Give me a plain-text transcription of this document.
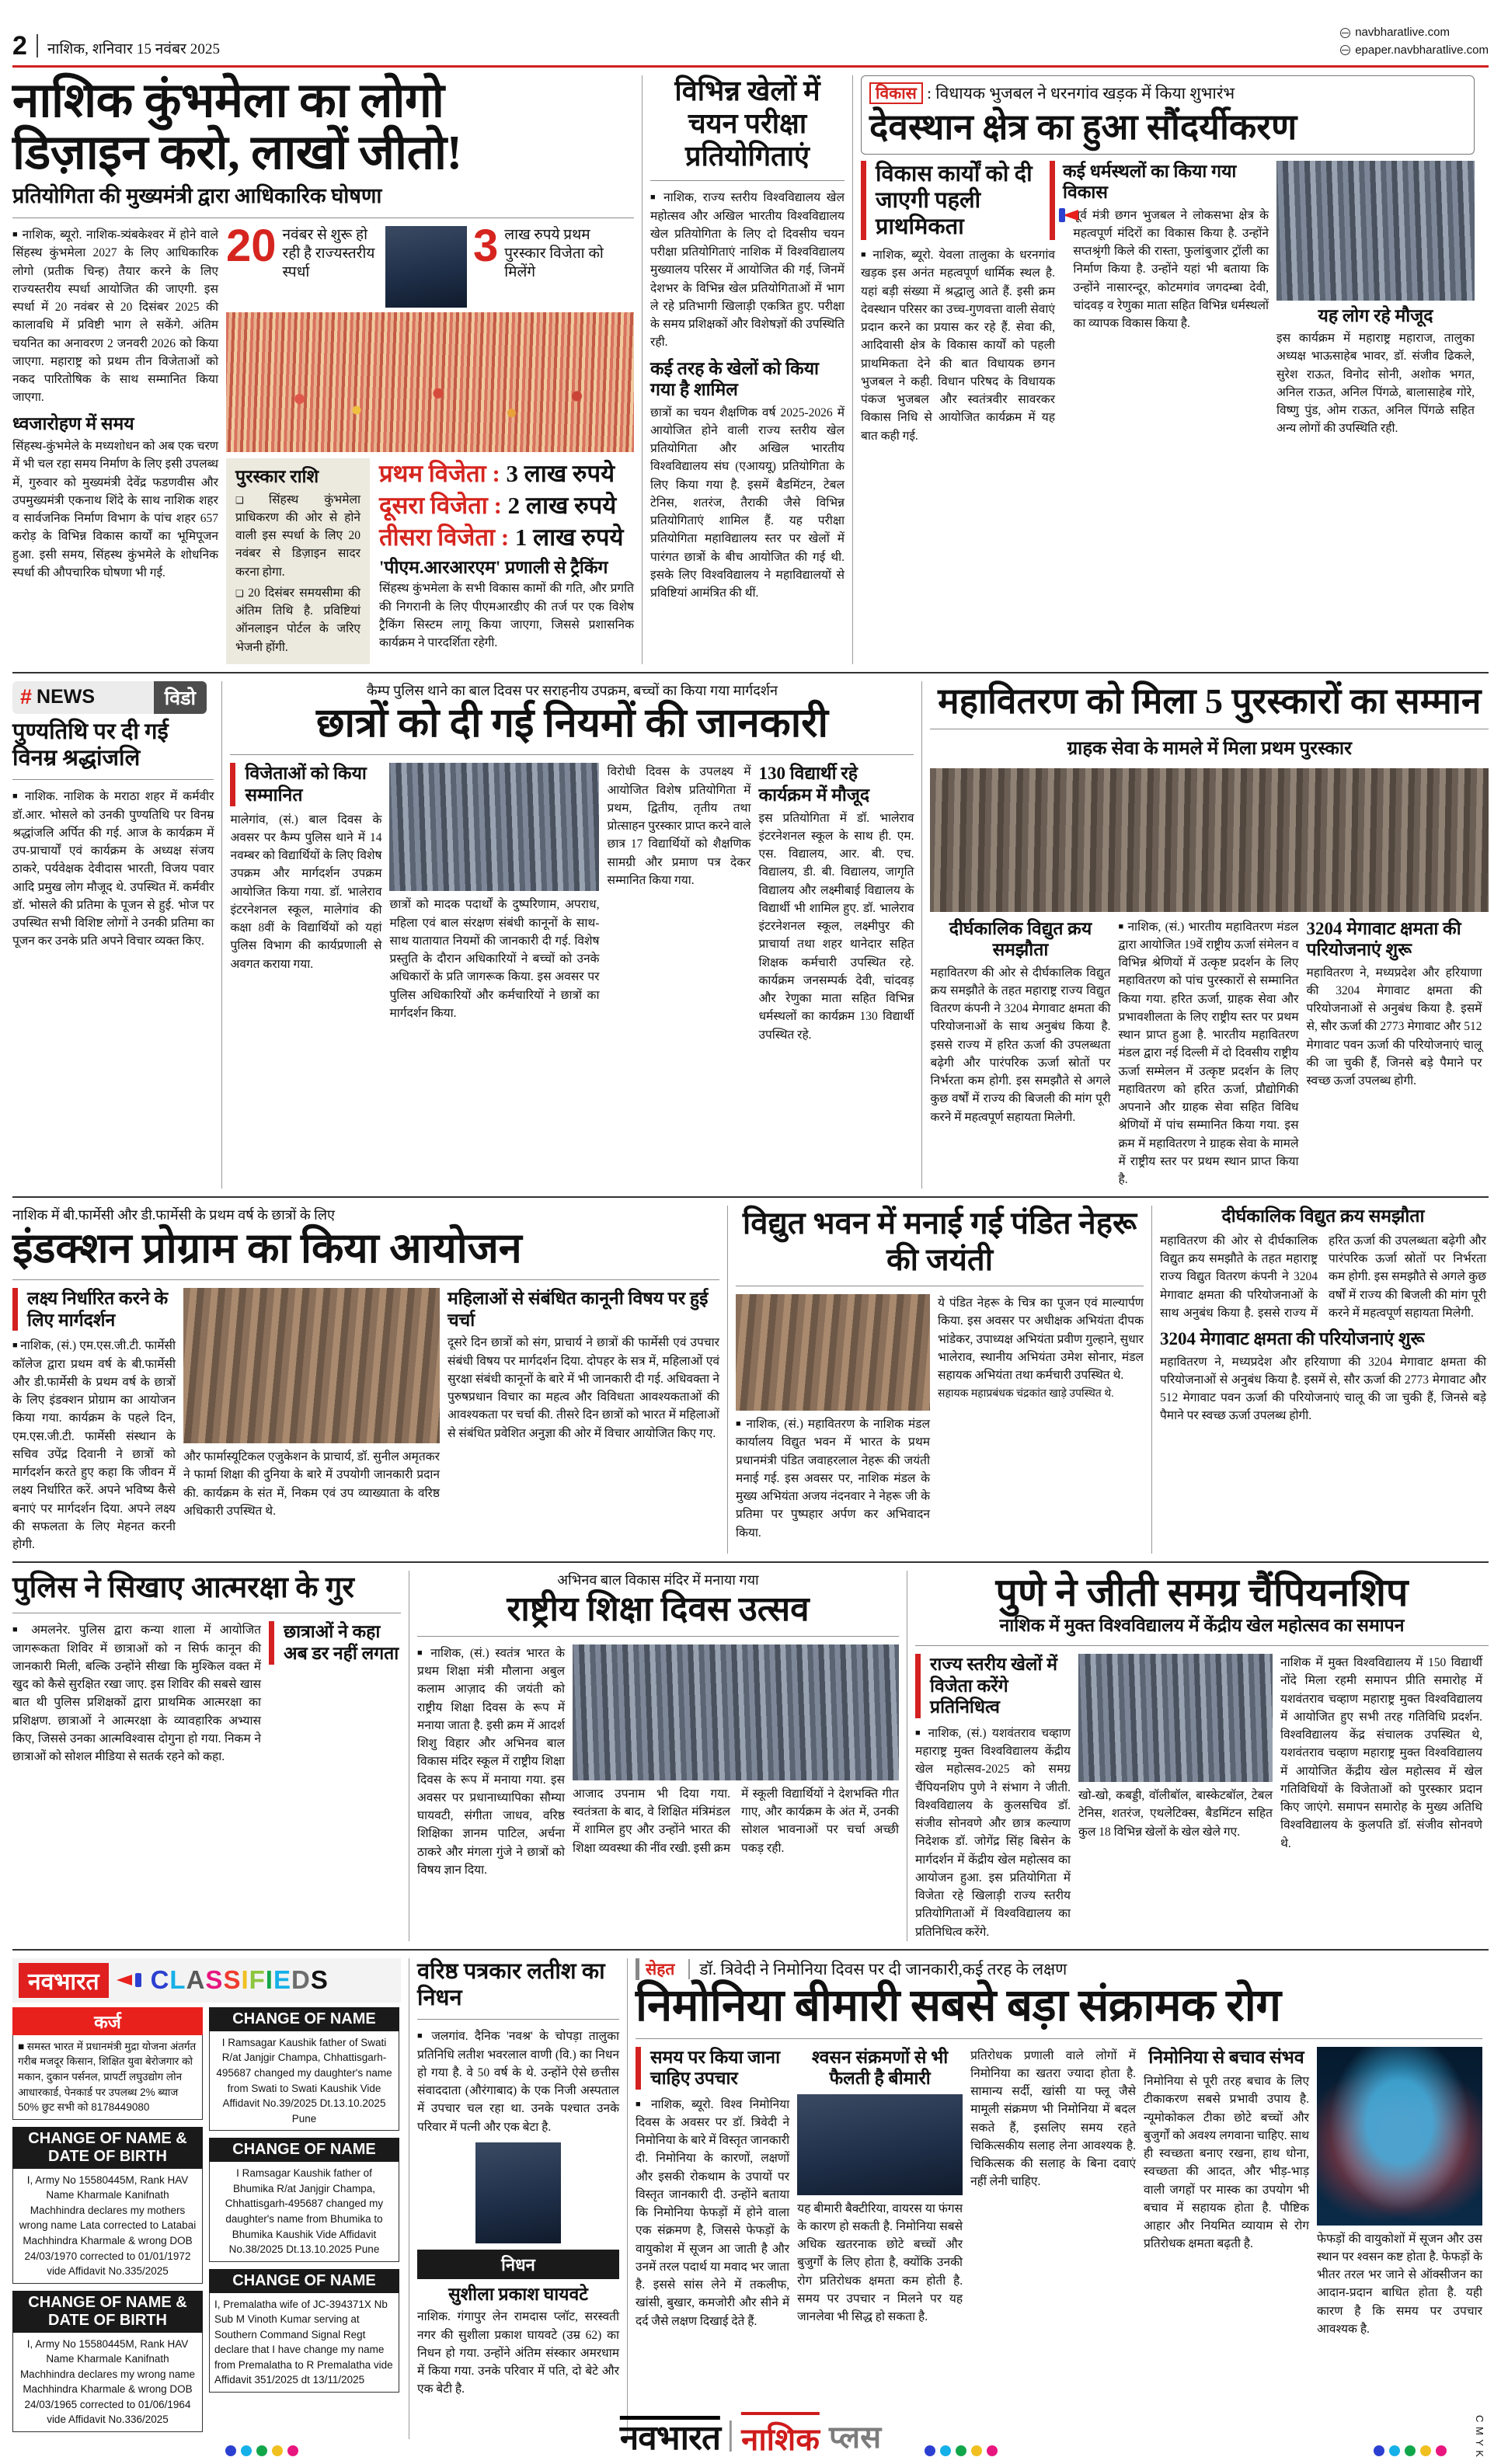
2 नाशिक, शनिवार 15 नवंबर 2025
नवभारत नाशिक प्लस
navbharatlive.com
epaper.navbharatlive.com
नाशिक कुंभमेला का लोगो
डिज़ाइन करो, लाखों जीतो!
प्रतियोगिता की मुख्यमंत्री द्वारा आधिकारिक घोषणा
■ नाशिक, ब्यूरो. नाशिक-त्र्यंबकेश्वर में होने वाले सिंहस्थ कुंभमेला 2027 के लिए आधिकारिक लोगो (प्रतीक चिन्ह) तैयार करने के लिए राज्यस्तरीय स्पर्धा आयोजित की जाएगी. इस स्पर्धा में 20 नवंबर से 20 दिसंबर 2025 की कालावधि में प्रविष्टी भाग ले सकेंगे. अंतिम चयनित का अनावरण 2 जनवरी 2026 को किया जाएगा. महाराष्ट्र को प्रथम तीन विजेताओं को नकद पारितोषिक के साथ सम्मानित किया जाएगा.
ध्वजारोहण में समय
सिंहस्थ-कुंभमेले के मध्यशोधन को अब एक चरण में भी चल रहा समय निर्माण के लिए इसी उपलब्ध में, गुरुवार को मुख्यमंत्री देवेंद्र फडणवीस और उपमुख्यमंत्री एकनाथ शिंदे के साथ नाशिक शहर व सार्वजनिक निर्माण विभाग के पांच शहर 657 करोड़ के विभिन्न विकास कार्यों का भूमिपूजन हुआ. इसी समय, सिंहस्थ कुंभमेले के शोधनिक स्पर्धा की औपचारिक घोषणा भी गई.
20 नवंबर से शुरू हो रही है राज्यस्तरीय स्पर्धा
3 लाख रुपये प्रथम पुरस्कार विजेता को मिलेंगे
पुरस्कार राशि
❑ सिंहस्थ कुंभमेला प्राधिकरण की ओर से होने वाली इस स्पर्धा के लिए 20 नवंबर से डिज़ाइन सादर करना होगा.
❑ 20 दिसंबर समयसीमा की अंतिम तिथि है. प्रविष्टियां ऑनलाइन पोर्टल के जरिए भेजनी होंगी.
प्रथम विजेता : 3 लाख रुपये
दूसरा विजेता : 2 लाख रुपये
तीसरा विजेता : 1 लाख रुपये
'पीएम.आरआरएम' प्रणाली से ट्रैकिंग
सिंहस्थ कुंभमेला के सभी विकास कामों की गति, और प्रगति की निगरानी के लिए पीएमआरडीए की तर्ज पर एक विशेष ट्रैकिंग सिस्टम लागू किया जाएगा, जिससे प्रशासनिक कार्यक्रम ने पारदर्शिता रहेगी.
विभिन्न खेलों में चयन परीक्षा प्रतियोगिताएं
■ नाशिक, राज्य स्तरीय विश्वविद्यालय खेल महोत्सव और अखिल भारतीय विश्वविद्यालय खेल प्रतियोगिता के लिए दो दिवसीय चयन परीक्षा प्रतियोगिताएं नाशिक में विश्वविद्यालय मुख्यालय परिसर में आयोजित की गई, जिनमें देशभर के विभिन्न खेल प्रतियोगिताओं में भाग ले रहे प्रतिभागी खिलाड़ी एकत्रित हुए. परीक्षा के समय प्रशिक्षकों और विशेषज्ञों की उपस्थिति रही.
कई तरह के खेलों को किया गया है शामिल
छात्रों का चयन शैक्षणिक वर्ष 2025-2026 में आयोजित होने वाली राज्य स्तरीय खेल प्रतियोगिता और अखिल भारतीय विश्वविद्यालय संघ (एआययू) प्रतियोगिता के लिए किया गया है. इसमें बैडमिंटन, टेबल टेनिस, शतरंज, तैराकी जैसे विभिन्न प्रतियोगिताएं शामिल हैं. यह परीक्षा प्रतियोगिता महाविद्यालय स्तर पर खेलों में पारंगत छात्रों के बीच आयोजित की गई थी. इसके लिए विश्वविद्यालय ने महाविद्यालयों से प्रविष्टियां आमंत्रित की थीं.
विकास : विधायक भुजबल ने धरनगांव खड़क में किया शुभारंभ
देवस्थान क्षेत्र का हुआ सौंदर्यीकरण
विकास कार्यों को दी जाएगी पहली प्राथमिकता
■ नाशिक, ब्यूरो. येवला तालुका के धरनगांव खड़क इस अनंत महत्वपूर्ण धार्मिक स्थल है. यहां बड़ी संख्या में श्रद्धालु आते हैं. इसी क्रम देवस्थान परिसर का उच्च-गुणवत्ता वाली सेवाएं प्रदान करने का प्रयास कर रहे हैं. सेवा की, आदिवासी क्षेत्र के विकास कार्यों को पहली प्राथमिकता देने की बात विधायक छगन भुजबल ने कही. विधान परिषद के विधायक पंकज भुजबल और स्वतंत्रवीर सावरकर विकास निधि से आयोजित कार्यक्रम में यह बात कही गई.
कई धर्मस्थलों का किया गया विकास
पूर्व मंत्री छगन भुजबल ने लोकसभा क्षेत्र के महत्वपूर्ण मंदिरों का विकास किया है. उन्होंने सप्तश्रृंगी किले की रास्ता, फुलांबुजार ट्रॉली का निर्माण किया है. उन्होंने यहां भी बताया कि उन्होंने नासारन्दूर, कोटमगांव जगदम्बा देवी, चांदवड़ व रेणुका माता सहित विभिन्न धर्मस्थलों का व्यापक विकास किया है.	यह लोग रहे मौजूद
इस कार्यक्रम में महाराष्ट्र महाराज, तालुका अध्यक्ष भाऊसाहेब भावर, डॉ. संजीव ढिकले, सुरेश राऊत, विनोद सोनी, अशोक भगत, अनिल राऊत, अनिल पिंगळे, बालासाहेब गोरे, विष्णु पुंड, ओम राऊत, अनिल पिंगळे सहित अन्य लोगों की उपस्थिति रही.
# NEWS	विडो
पुण्यतिथि पर दी गई विनम्र श्रद्धांजलि
■ नाशिक. नाशिक के मराठा शहर में कर्मवीर डॉ.आर. भोसले को उनकी पुण्यतिथि पर विनम्र श्रद्धांजलि अर्पित की गई. आज के कार्यक्रम में उप-प्राचार्यों एवं कार्यक्रम के अध्यक्ष संजय ठाकरे, पर्यवेक्षक देवीदास भारती, विजय पवार आदि प्रमुख लोग मौजूद थे. उपस्थित में. कर्मवीर डॉ. भोसले की प्रतिमा के पूजन से हुई. भोज पर उपस्थित सभी विशिष्ट लोगों ने उनकी प्रतिमा का पूजन कर उनके प्रति अपने विचार व्यक्त किए.
कैम्प पुलिस थाने का बाल दिवस पर सराहनीय उपक्रम, बच्चों का किया गया मार्गदर्शन
छात्रों को दी गई नियमों की जानकारी
विजेताओं को किया सम्मानित
मालेगांव, (सं.) बाल दिवस के अवसर पर कैम्प पुलिस थाने में 14 नवम्बर को विद्यार्थियों के लिए विशेष उपक्रम और मार्गदर्शन उपक्रम आयोजित किया गया. डॉ. भालेराव इंटरनेशनल स्कूल, मालेगांव की कक्षा 8वीं के विद्यार्थियों को यहां पुलिस विभाग की कार्यप्रणाली से अवगत कराया गया.
छात्रों को मादक पदार्थों के दुष्परिणाम, अपराध, महिला एवं बाल संरक्षण संबंधी कानूनों के साथ-साथ यातायात नियमों की जानकारी दी गई. विशेष प्रस्तुति के दौरान अधिकारियों ने बच्चों को उनके अधिकारों के प्रति जागरूक किया. इस अवसर पर पुलिस अधिकारियों और कर्मचारियों ने छात्रों का मार्गदर्शन किया.
विरोधी दिवस के उपलक्ष्य में आयोजित विशेष प्रतियोगिता में प्रथम, द्वितीय, तृतीय तथा प्रोत्साहन पुरस्कार प्राप्त करने वाले छात्र 17 विद्यार्थियों को शैक्षणिक सामग्री और प्रमाण पत्र देकर सम्मानित किया गया.
130 विद्यार्थी रहे कार्यक्रम में मौजूद
इस प्रतियोगिता में डॉ. भालेराव इंटरनेशनल स्कूल के साथ ही. एम. एस. विद्यालय, आर. बी. एच. विद्यालय, डी. बी. विद्यालय, जागृति विद्यालय और लक्ष्मीबाई विद्यालय के विद्यार्थी भी शामिल हुए. डॉ. भालेराव इंटरनेशनल स्कूल, लक्ष्मीपुर की प्राचार्या तथा शहर थानेदार सहित शिक्षक कर्मचारी उपस्थित रहे. कार्यक्रम जनसम्पर्क देवी, चांदवड़ और रेणुका माता सहित विभिन्न धर्मस्थलों का कार्यक्रम 130 विद्यार्थी उपस्थित रहे.
महावितरण को मिला 5 पुरस्कारों का सम्मान
ग्राहक सेवा के मामले में मिला प्रथम पुरस्कार
दीर्घकालिक विद्युत क्रय समझौता
महावितरण की ओर से दीर्घकालिक विद्युत क्रय समझौते के तहत महाराष्ट्र राज्य विद्युत वितरण कंपनी ने 3204 मेगावाट क्षमता की परियोजनाओं के साथ अनुबंध किया है. इससे राज्य में हरित ऊर्जा की उपलब्धता बढ़ेगी और पारंपरिक ऊर्जा स्रोतों पर निर्भरता कम होगी. इस समझौते से अगले कुछ वर्षों में राज्य की बिजली की मांग पूरी करने में महत्वपूर्ण सहायता मिलेगी.
■ नाशिक, (सं.) भारतीय महावितरण मंडल द्वारा आयोजित 19वें राष्ट्रीय ऊर्जा संमेलन व विभिन्न श्रेणियों में उत्कृष्ट प्रदर्शन के लिए महावितरण को पांच पुरस्कारों से सम्मानित किया गया. हरित ऊर्जा, ग्राहक सेवा और प्रभावशीलता के लिए राष्ट्रीय स्तर पर प्रथम स्थान प्राप्त हुआ है. भारतीय महावितरण मंडल द्वारा नई दिल्ली में दो दिवसीय राष्ट्रीय ऊर्जा सम्मेलन में उत्कृष्ट प्रदर्शन के लिए महावितरण को हरित ऊर्जा, प्रौद्योगिकी अपनाने और ग्राहक सेवा सहित विविध श्रेणियों में पांच सम्मानित किया गया. इस क्रम में महावितरण ने ग्राहक सेवा के मामले में राष्ट्रीय स्तर पर प्रथम स्थान प्राप्त किया है.
3204 मेगावाट क्षमता की परियोजनाएं शुरू
महावितरण ने, मध्यप्रदेश और हरियाणा की 3204 मेगावाट क्षमता की परियोजनाओं से अनुबंध किया है. इसमें से, सौर ऊर्जा की 2773 मेगावाट और 512 मेगावाट पवन ऊर्जा की परियोजनाएं चालू की जा चुकी हैं, जिनसे बड़े पैमाने पर स्वच्छ ऊर्जा उपलब्ध होगी.
नाशिक में बी.फार्मेसी और डी.फार्मेसी के प्रथम वर्ष के छात्रों के लिए
इंडक्शन प्रोग्राम का किया आयोजन
लक्ष्य निर्धारित करने के लिए मार्गदर्शन
■ नाशिक, (सं.) एम.एस.जी.टी. फार्मेसी कॉलेज द्वारा प्रथम वर्ष के बी.फार्मेसी और डी.फार्मेसी के प्रथम वर्ष के छात्रों के लिए इंडक्शन प्रोग्राम का आयोजन किया गया. कार्यक्रम के पहले दिन, एम.एस.जी.टी. फार्मेसी संस्थान के सचिव उपेंद्र दिवानी ने छात्रों को मार्गदर्शन करते हुए कहा कि जीवन में लक्ष्य निर्धारित करें. अपने भविष्य कैसे बनाएं पर मार्गदर्शन दिया. अपने लक्ष्य की सफलता के लिए मेहनत करनी होगी.
और फार्मास्यूटिकल एजुकेशन के प्राचार्य, डॉ. सुनील अमृतकर ने फार्मा शिक्षा की दुनिया के बारे में उपयोगी जानकारी प्रदान की. कार्यक्रम के संत में, निकम एवं उप व्याख्याता के वरिष्ठ अधिकारी उपस्थित थे.
महिलाओं से संबंधित कानूनी विषय पर हुई चर्चा
दूसरे दिन छात्रों को संग, प्राचार्य ने छात्रों की फार्मेसी एवं उपचार संबंधी विषय पर मार्गदर्शन दिया. दोपहर के सत्र में, महिलाओं एवं सुरक्षा संबंधी कानूनों के बारे में भी जानकारी दी गई. अधिवक्ता ने पुरुषप्रधान विचार का महत्व और विविधता आवश्यकताओं की आवश्यकता पर चर्चा की. तीसरे दिन छात्रों को भारत में महिलाओं से संबंधित प्रवेशित अनुज्ञा की ओर में विचार आयोजित किए गए.
विद्युत भवन में मनाई गई पंडित नेहरू की जयंती
■ नाशिक, (सं.) महावितरण के नाशिक मंडल कार्यालय विद्युत भवन में भारत के प्रथम प्रधानमंत्री पंडित जवाहरलाल नेहरू की जयंती मनाई गई. इस अवसर पर, नाशिक मंडल के मुख्य अभियंता अजय नंदनवार ने नेहरू जी के प्रतिमा पर पुष्पहार अर्पण कर अभिवादन किया.
ये पंडित नेहरू के चित्र का पूजन एवं माल्यार्पण किया. इस अवसर पर अधीक्षक अभियंता दीपक भांडेकर, उपाध्यक्ष अभियंता प्रवीण गुल्हाने, सुधार भालेराव, स्थानीय अभियंता उमेश सोनार, मंडल सहायक अभियंता तथा कर्मचारी उपस्थित थे.
सहायक महाप्रबंधक चंद्रकांत खाड़े उपस्थित थे.
दीर्घकालिक विद्युत क्रय समझौता
महावितरण की ओर से दीर्घकालिक विद्युत क्रय समझौते के तहत महाराष्ट्र राज्य विद्युत वितरण कंपनी ने 3204 मेगावाट क्षमता की परियोजनाओं के साथ अनुबंध किया है. इससे राज्य में हरित ऊर्जा की उपलब्धता बढ़ेगी और पारंपरिक ऊर्जा स्रोतों पर निर्भरता कम होगी. इस समझौते से अगले कुछ वर्षों में राज्य की बिजली की मांग पूरी करने में महत्वपूर्ण सहायता मिलेगी.
3204 मेगावाट क्षमता की परियोजनाएं शुरू
महावितरण ने, मध्यप्रदेश और हरियाणा की 3204 मेगावाट क्षमता की परियोजनाओं से अनुबंध किया है. इसमें से, सौर ऊर्जा की 2773 मेगावाट और 512 मेगावाट पवन ऊर्जा की परियोजनाएं चालू की जा चुकी हैं, जिनसे बड़े पैमाने पर स्वच्छ ऊर्जा उपलब्ध होगी.
पुलिस ने सिखाए आत्मरक्षा के गुर
■ अमलनेर. पुलिस द्वारा कन्या शाला में आयोजित जागरूकता शिविर में छात्राओं को न सिर्फ कानून की जानकारी मिली, बल्कि उन्होंने सीखा कि मुश्किल वक्त में खुद को कैसे सुरक्षित रखा जाए. इस शिविर की सबसे खास बात थी पुलिस प्रशिक्षकों द्वारा प्राथमिक आत्मरक्षा का प्रशिक्षण. छात्राओं ने आत्मरक्षा के व्यावहारिक अभ्यास किए, जिससे उनका आत्मविश्वास दोगुना हो गया. निकम ने छात्राओं को सोशल मीडिया से सतर्क रहने को कहा.
छात्राओं ने कहा अब डर नहीं लगता
अभिनव बाल विकास मंदिर में मनाया गया
राष्ट्रीय शिक्षा दिवस उत्सव
■ नाशिक, (सं.) स्वतंत्र भारत के प्रथम शिक्षा मंत्री मौलाना अबुल कलाम आज़ाद की जयंती को राष्ट्रीय शिक्षा दिवस के रूप में मनाया जाता है. इसी क्रम में आदर्श शिशु विहार और अभिनव बाल विकास मंदिर स्कूल में राष्ट्रीय शिक्षा दिवस के रूप में मनाया गया. इस अवसर पर प्रधानाध्यापिका सौम्या घायवटी, संगीता जाधव, वरिष्ठ शिक्षिका ज्ञानम पाटिल, अर्चना ठाकरे और मंगला गुंजे ने छात्रों को विषय ज्ञान दिया.
आजाद उपनाम भी दिया गया. स्वतंत्रता के बाद, वे शिक्षित मंत्रिमंडल में शामिल हुए और उन्होंने भारत की शिक्षा व्यवस्था की नींव रखी. इसी क्रम में स्कूली विद्यार्थियों ने देशभक्ति गीत गाए, और कार्यक्रम के अंत में, उनकी सोशल भावनाओं पर चर्चा अच्छी पकड़ रही.
पुणे ने जीती समग्र चैंपियनशिप
नाशिक में मुक्त विश्वविद्यालय में केंद्रीय खेल महोत्सव का समापन
राज्य स्तरीय खेलों में विजेता करेंगे प्रतिनिधित्व
■ नाशिक, (सं.) यशवंतराव चव्हाण महाराष्ट्र मुक्त विश्वविद्यालय केंद्रीय खेल महोत्सव-2025 को समग्र चैंपियनशिप पुणे ने संभाग ने जीती. विश्वविद्यालय के कुलसचिव डॉ. संजीव सोनवणे और छात्र कल्याण निदेशक डॉ. जोगेंद्र सिंह बिसेन के मार्गदर्शन में केंद्रीय खेल महोत्सव का आयोजन हुआ. इस प्रतियोगिता में विजेता रहे खिलाड़ी राज्य स्तरीय प्रतियोगिताओं में विश्वविद्यालय का प्रतिनिधित्व करेंगे.
खो-खो, कबड्डी, वॉलीबॉल, बास्केटबॉल, टेबल टेनिस, शतरंज, एथलेटिक्स, बैडमिंटन सहित कुल 18 विभिन्न खेलों के खेल खेले गए.
नाशिक में मुक्त विश्वविद्यालय में 150 विद्यार्थी नोंदे मिला रहमी समापन प्रीति समारोह में यशवंतराव चव्हाण महाराष्ट्र मुक्त विश्वविद्यालय में आयोजित हुए सभी तरह गतिविधि प्रदर्शन. विश्वविद्यालय केंद्र संचालक उपस्थित थे, यशवंतराव चव्हाण महाराष्ट्र मुक्त विश्वविद्यालय में आयोजित केंद्रीय खेल महोत्सव में खेल गतिविधियों के विजेताओं को पुरस्कार प्रदान किए जाएंगे. समापन समारोह के मुख्य अतिथि विश्वविद्यालय के कुलपति डॉ. संजीव सोनवणे थे.
नवभारत	CLASSIFIEDS
कर्ज
■ समस्त भारत में प्रधानमंत्री मुद्रा योजना अंतर्गत गरीब मजदूर किसान, शिक्षित युवा बेरोजगार को मकान, दुकान पर्सनल, प्रापर्टी लघुउद्योग लोन आधारकार्ड, पेनकार्ड पर उपलब्ध 2% ब्याज 50% छुट सभी को 8178449080
CHANGE OF NAME & DATE OF BIRTH
I, Army No 15580445M, Rank HAV Name Kharmale Kanifnath Machhindra declares my mothers wrong name Lata corrected to Latabai Machhindra Kharmale & wrong DOB 24/03/1970 corrected to 01/01/1972 vide Affidavit No.335/2025
CHANGE OF NAME & DATE OF BIRTH
I, Army No 15580445M, Rank HAV Name Kharmale Kanifnath Machhindra declares my wrong name Machhindra Kharmale & wrong DOB 24/03/1965 corrected to 01/06/1964 vide Affidavit No.336/2025
CHANGE OF NAME
I Ramsagar Kaushik father of Swati R/at Janjgir Champa, Chhattisgarh- 495687 changed my daughter's name from Swati to Swati Kaushik Vide Affidavit No.39/2025 Dt.13.10.2025 Pune
CHANGE OF NAME
I Ramsagar Kaushik father of Bhumika R/at Janjgir Champa, Chhattisgarh-495687 changed my daughter's name from Bhumika to Bhumika Kaushik Vide Affidavit No.38/2025 Dt.13.10.2025 Pune
CHANGE OF NAME
I, Premalatha wife of JC-394371X Nb Sub M Vinoth Kumar serving at Southern Command Signal Regt declare that I have change my name from Premalatha to R Premalatha vide Affidavit 351/2025 dt 13/11/2025
वरिष्ठ पत्रकार लतीश का निधन
■ जलगांव. दैनिक 'नवश्र' के चोपड़ा तालुका प्रतिनिधि लतीश भवरलाल वाणी (वि.) का निधन हो गया है. वे 50 वर्ष के थे. उन्होंने ऐसे छत्तीस संवाददाता (औरंगाबाद) के एक निजी अस्पताल में उपचार चल रहा था. उनके पश्चात उनके परिवार में पत्नी और एक बेटा है.
निधन
सुशीला प्रकाश घायवटे
नाशिक. गंगापुर लेन रामदास प्लॉट, सरस्वती नगर की सुशीला प्रकाश घायवटे (उम्र 62) का निधन हो गया. उन्होंने अंतिम संस्कार अमरधाम में किया गया. उनके परिवार में पति, दो बेटे और एक बेटी है.
सेहत डॉ. त्रिवेदी ने निमोनिया दिवस पर दी जानकारी,कई तरह के लक्षण
निमोनिया बीमारी सबसे बड़ा संक्रामक रोग
समय पर किया जाना चाहिए उपचार
■ नाशिक, ब्यूरो. विश्व निमोनिया दिवस के अवसर पर डॉ. त्रिवेदी ने निमोनिया के बारे में विस्तृत जानकारी दी. निमोनिया के कारणों, लक्षणों और इसकी रोकथाम के उपायों पर विस्तृत जानकारी दी. उन्होंने बताया कि निमोनिया फेफड़ों में होने वाला एक संक्रमण है, जिससे फेफड़ों के वायुकोश में सूजन आ जाती है और उनमें तरल पदार्थ या मवाद भर जाता है. इससे सांस लेने में तकलीफ, खांसी, बुखार, कमजोरी और सीने में दर्द जैसे लक्षण दिखाई देते हैं.
श्वसन संक्रमणों से भी फैलती है बीमारी
यह बीमारी बैक्टीरिया, वायरस या फंगस के कारण हो सकती है. निमोनिया सबसे अधिक खतरनाक छोटे बच्चों और बुजुर्गों के लिए होता है, क्योंकि उनकी रोग प्रतिरोधक क्षमता कम होती है. समय पर उपचार न मिलने पर यह जानलेवा भी सिद्ध हो सकता है.
प्रतिरोधक प्रणाली वाले लोगों में निमोनिया का खतरा ज्यादा होता है. सामान्य सर्दी, खांसी या फ्लू जैसे मामूली संक्रमण भी निमोनिया में बदल सकते हैं, इसलिए समय रहते चिकित्सकीय सलाह लेना आवश्यक है. चिकित्सक की सलाह के बिना दवाएं नहीं लेनी चाहिए.
निमोनिया से बचाव संभव
निमोनिया से पूरी तरह बचाव के लिए टीकाकरण सबसे प्रभावी उपाय है. न्यूमोकोकल टीका छोटे बच्चों और बुजुर्गों को अवश्य लगवाना चाहिए. साथ ही स्वच्छता बनाए रखना, हाथ धोना, स्वच्छता की आदत, और भीड़-भाड़ वाली जगहों पर मास्क का उपयोग भी बचाव में सहायक होता है. पौष्टिक आहार और नियमित व्यायाम से रोग प्रतिरोधक क्षमता बढ़ती है.	फेफड़ों की वायुकोशों में सूजन और उस स्थान पर श्वसन कष्ट होता है. फेफड़ों के भीतर तरल भर जाने से ऑक्सीजन का आदान-प्रदान बाधित होता है. यही कारण है कि समय पर उपचार आवश्यक है.
C M Y K
